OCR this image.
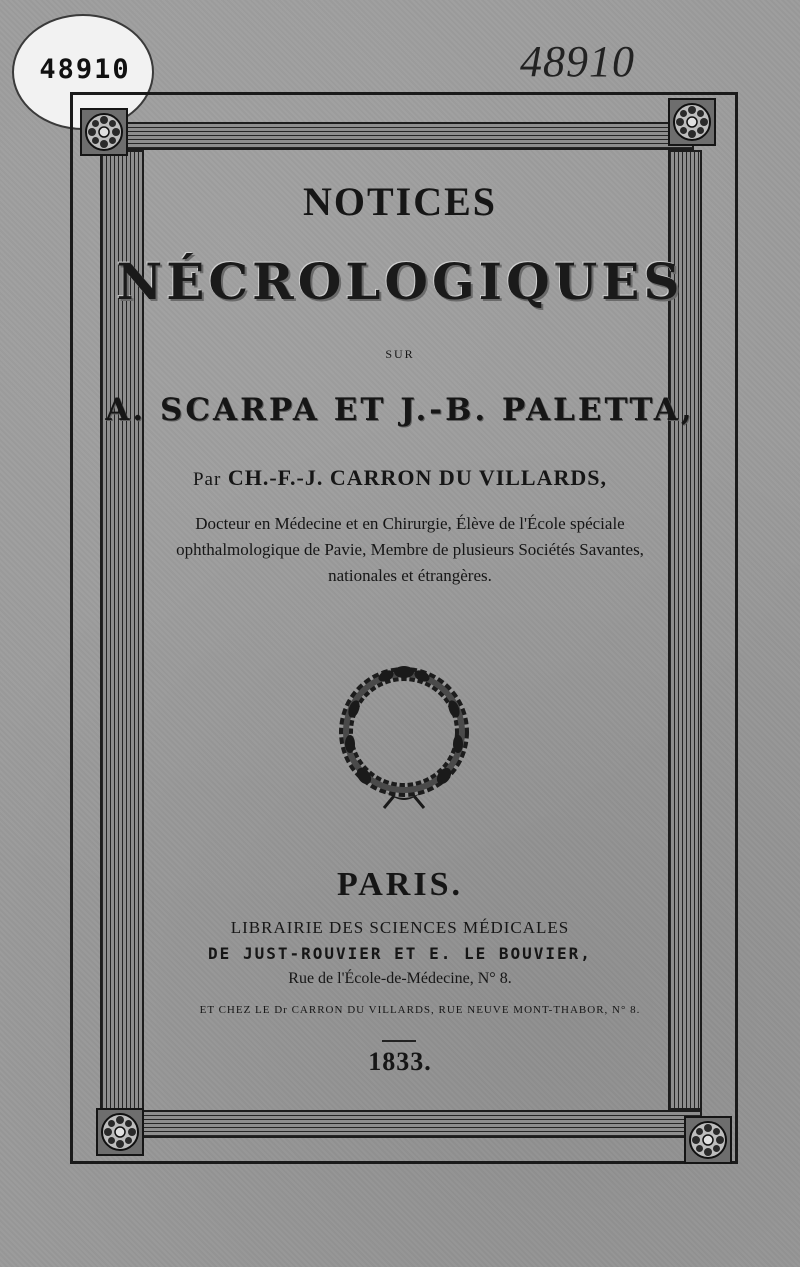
48910	48910
NOTICES
NÉCROLOGIQUES
SUR
A. SCARPA ET J.-B. PALETTA,
Par CH.-F.-J. CARRON DU VILLARDS,
Docteur en Médecine et en Chirurgie, Élève de l'École spéciale ophthalmologique de Pavie, Membre de plusieurs Sociétés Savantes, nationales et étrangères.
PARIS.
LIBRAIRIE DES SCIENCES MÉDICALES
DE JUST-ROUVIER ET E. LE BOUVIER,
Rue de l'École-de-Médecine, N° 8.
ET CHEZ LE Dr CARRON DU VILLARDS, RUE NEUVE MONT-THABOR, N° 8.
1833.
